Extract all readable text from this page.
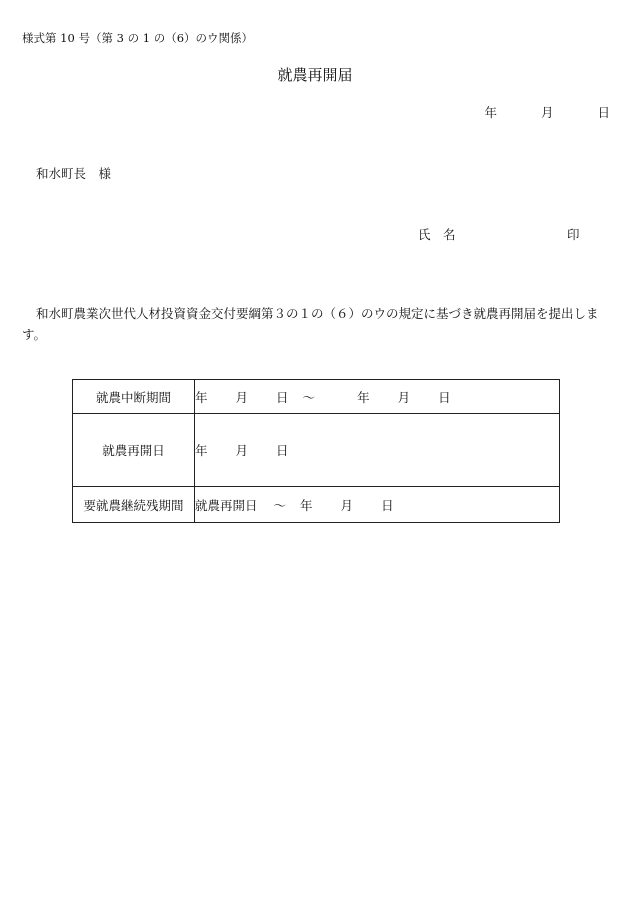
様式第 10 号（第 3 の 1 の（6）のウ関係）
就農再開届
年	月	日
和水町長　様
氏　名	印
和水町農業次世代人材投資資金交付要綱第３の１の（６）のウの規定に基づき就農再開届を提出します。
就農中断期間	年 月 日 ～ 年 月 日
就農再開日	年 月 日
要就農継続残期間	就農再開日 ～ 年 月 日
